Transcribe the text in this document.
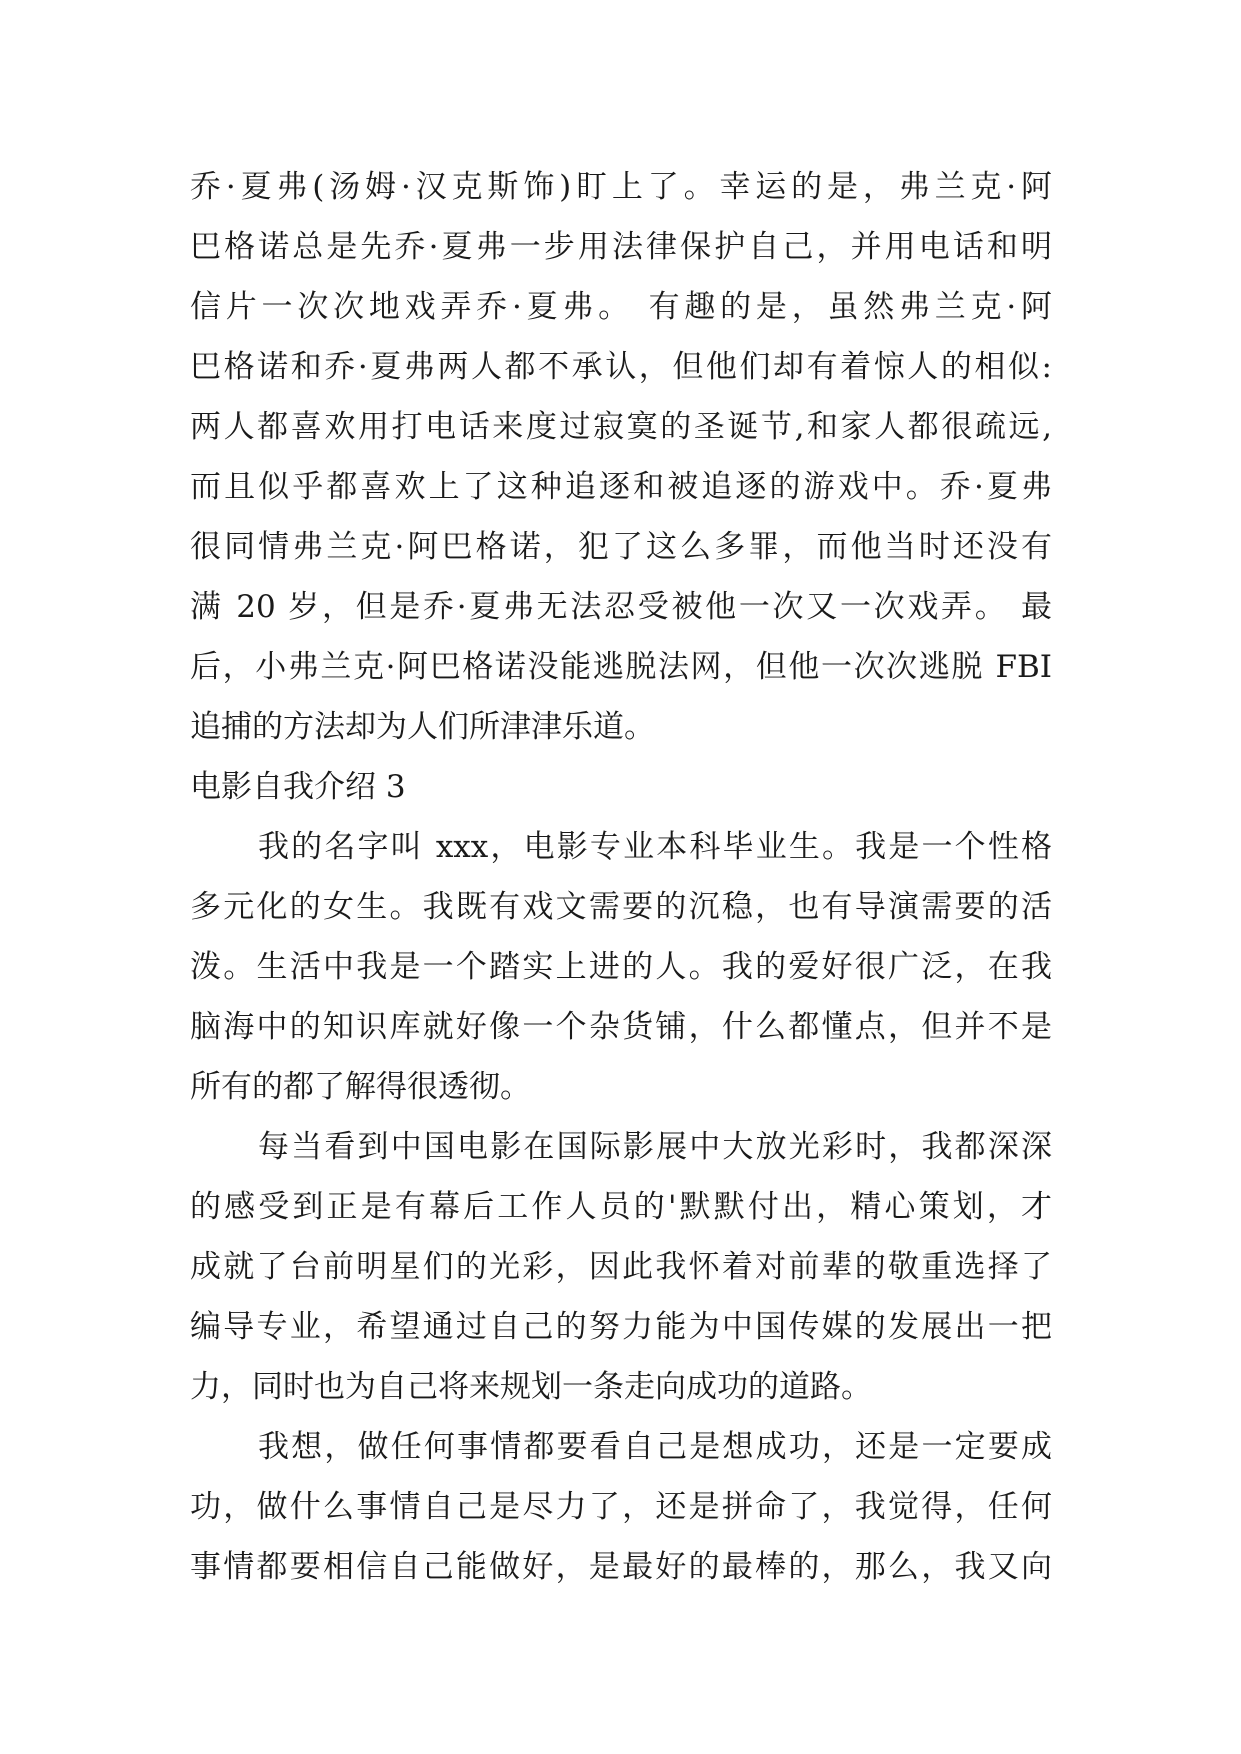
乔·夏弗(汤姆·汉克斯饰)盯上了。幸运的是，弗兰克·阿
巴格诺总是先乔·夏弗一步用法律保护自己，并用电话和明
信片一次次地戏弄乔·夏弗。 有趣的是，虽然弗兰克·阿
巴格诺和乔·夏弗两人都不承认，但他们却有着惊人的相似:
两人都喜欢用打电话来度过寂寞的圣诞节,和家人都很疏远,
而且似乎都喜欢上了这种追逐和被追逐的游戏中。乔·夏弗
很同情弗兰克·阿巴格诺，犯了这么多罪，而他当时还没有
满 20 岁，但是乔·夏弗无法忍受被他一次又一次戏弄。 最
后，小弗兰克·阿巴格诺没能逃脱法网，但他一次次逃脱 FBI
追捕的方法却为人们所津津乐道。
电影自我介绍 3
我的名字叫 xxx，电影专业本科毕业生。我是一个性格
多元化的女生。我既有戏文需要的沉稳，也有导演需要的活
泼。生活中我是一个踏实上进的人。我的爱好很广泛，在我
脑海中的知识库就好像一个杂货铺，什么都懂点，但并不是
所有的都了解得很透彻。
每当看到中国电影在国际影展中大放光彩时，我都深深
的感受到正是有幕后工作人员的'默默付出，精心策划，才
成就了台前明星们的光彩，因此我怀着对前辈的敬重选择了
编导专业，希望通过自己的努力能为中国传媒的发展出一把
力，同时也为自己将来规划一条走向成功的道路。
我想，做任何事情都要看自己是想成功，还是一定要成
功，做什么事情自己是尽力了，还是拼命了，我觉得，任何
事情都要相信自己能做好，是最好的最棒的，那么，我又向
